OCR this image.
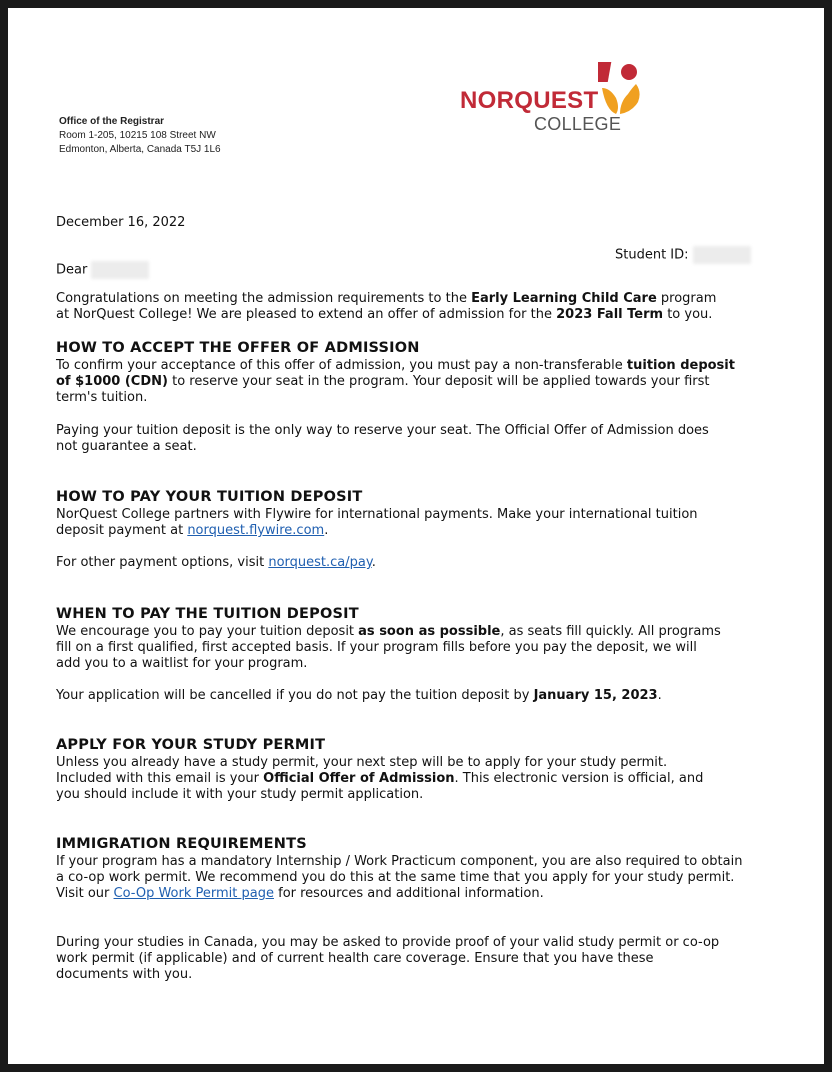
Office of the Registrar
Room 1-205, 10215 108 Street NW
Edmonton, Alberta, Canada T5J 1L6
NORQUEST
COLLEGE
December 16, 2022
Student ID:
Dear
Congratulations on meeting the admission requirements to the Early Learning Child Care program
at NorQuest College! We are pleased to extend an offer of admission for the 2023 Fall Term to you.
HOW TO ACCEPT THE OFFER OF ADMISSION
To confirm your acceptance of this offer of admission, you must pay a non-transferable tuition deposit
of $1000 (CDN) to reserve your seat in the program. Your deposit will be applied towards your first
term's tuition.
Paying your tuition deposit is the only way to reserve your seat. The Official Offer of Admission does
not guarantee a seat.
HOW TO PAY YOUR TUITION DEPOSIT
NorQuest College partners with Flywire for international payments. Make your international tuition
deposit payment at norquest.flywire.com.
For other payment options, visit norquest.ca/pay.
WHEN TO PAY THE TUITION DEPOSIT
We encourage you to pay your tuition deposit as soon as possible, as seats fill quickly. All programs
fill on a first qualified, first accepted basis. If your program fills before you pay the deposit, we will
add you to a waitlist for your program.
Your application will be cancelled if you do not pay the tuition deposit by January 15, 2023.
APPLY FOR YOUR STUDY PERMIT
Unless you already have a study permit, your next step will be to apply for your study permit.
Included with this email is your Official Offer of Admission. This electronic version is official, and
you should include it with your study permit application.
IMMIGRATION REQUIREMENTS
If your program has a mandatory Internship / Work Practicum component, you are also required to obtain
a co-op work permit. We recommend you do this at the same time that you apply for your study permit.
Visit our Co-Op Work Permit page for resources and additional information.
During your studies in Canada, you may be asked to provide proof of your valid study permit or co-op
work permit (if applicable) and of current health care coverage. Ensure that you have these
documents with you.
